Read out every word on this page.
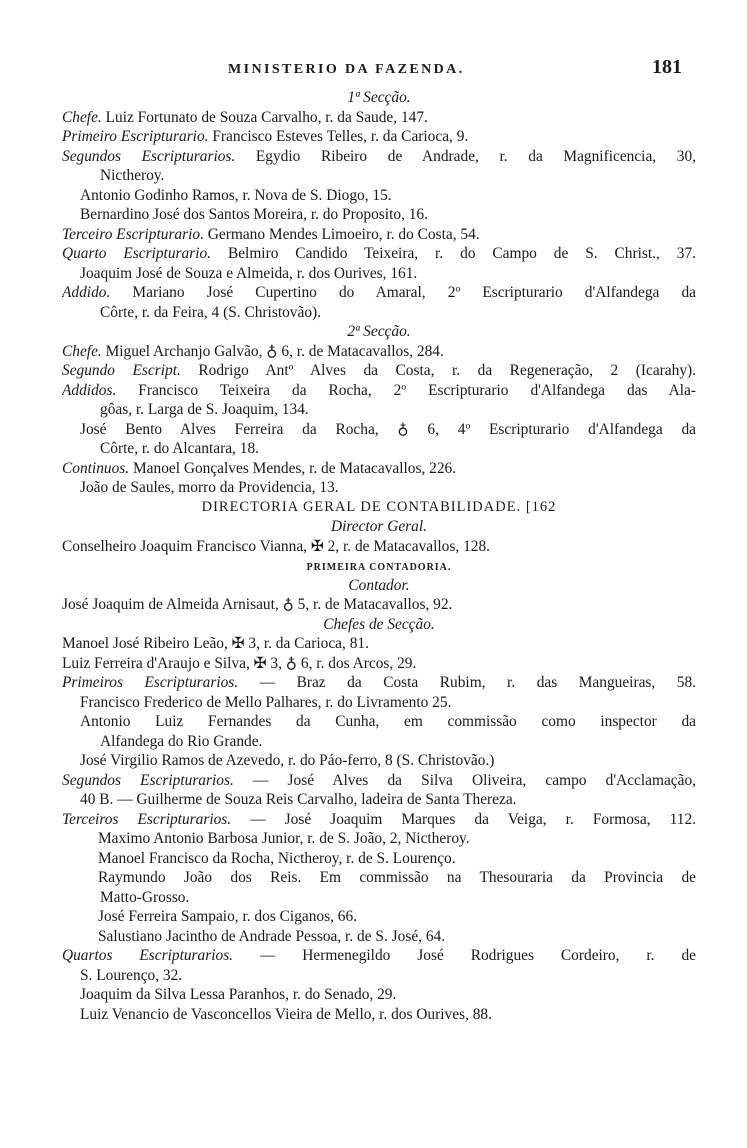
MINISTERIO DA FAZENDA.	181
1ª Secção.
Chefe. Luiz Fortunato de Souza Carvalho, r. da Saude, 147.
Primeiro Escripturario. Francisco Esteves Telles, r. da Carioca, 9.
Segundos Escripturarios. Egydio Ribeiro de Andrade, r. da Magnificencia, 30,
Nictheroy.
Antonio Godinho Ramos, r. Nova de S. Diogo, 15.
Bernardino José dos Santos Moreira, r. do Proposito, 16.
Terceiro Escripturario. Germano Mendes Limoeiro, r. do Costa, 54.
Quarto Escripturario. Belmiro Candido Teixeira, r. do Campo de S. Christ., 37.
Joaquim José de Souza e Almeida, r. dos Ourives, 161.
Addido. Mariano José Cupertino do Amaral, 2º Escripturario d'Alfandega da
Côrte, r. da Feira, 4 (S. Christovão).
2ª Secção.
Chefe. Miguel Archanjo Galvão, ♁ 6, r. de Matacavallos, 284.
Segundo Escript. Rodrigo Antº Alves da Costa, r. da Regeneração, 2 (Icarahy).
Addidos. Francisco Teixeira da Rocha, 2º Escripturario d'Alfandega das Ala-
gôas, r. Larga de S. Joaquim, 134.
José Bento Alves Ferreira da Rocha, ♁ 6, 4º Escripturario d'Alfandega da
Côrte, r. do Alcantara, 18.
Continuos. Manoel Gonçalves Mendes, r. de Matacavallos, 226.
João de Saules, morro da Providencia, 13.
DIRECTORIA GERAL DE CONTABILIDADE. [162
Director Geral.
Conselheiro Joaquim Francisco Vianna, ✠ 2, r. de Matacavallos, 128.
PRIMEIRA CONTADORIA.
Contador.
José Joaquim de Almeida Arnisaut, ♁ 5, r. de Matacavallos, 92.
Chefes de Secção.
Manoel José Ribeiro Leão, ✠ 3, r. da Carioca, 81.
Luiz Ferreira d'Araujo e Silva, ✠ 3, ♁ 6, r. dos Arcos, 29.
Primeiros Escripturarios. — Braz da Costa Rubim, r. das Mangueiras, 58.
Francisco Frederico de Mello Palhares, r. do Livramento 25.
Antonio Luiz Fernandes da Cunha, em commissão como inspector da
Alfandega do Rio Grande.
José Virgilio Ramos de Azevedo, r. do Páo-ferro, 8 (S. Christovão.)
Segundos Escripturarios. — José Alves da Silva Oliveira, campo d'Acclamação,
40 B. — Guilherme de Souza Reis Carvalho, ladeira de Santa Thereza.
Terceiros Escripturarios. — José Joaquim Marques da Veiga, r. Formosa, 112.
Maximo Antonio Barbosa Junior, r. de S. João, 2, Nictheroy.
Manoel Francisco da Rocha, Nictheroy, r. de S. Lourenço.
Raymundo João dos Reis. Em commissão na Thesouraria da Provincia de
Matto-Grosso.
José Ferreira Sampaio, r. dos Ciganos, 66.
Salustiano Jacintho de Andrade Pessoa, r. de S. José, 64.
Quartos Escripturarios. — Hermenegildo José Rodrigues Cordeiro, r. de
S. Lourenço, 32.
Joaquim da Silva Lessa Paranhos, r. do Senado, 29.
Luiz Venancio de Vasconcellos Vieira de Mello, r. dos Ourives, 88.
